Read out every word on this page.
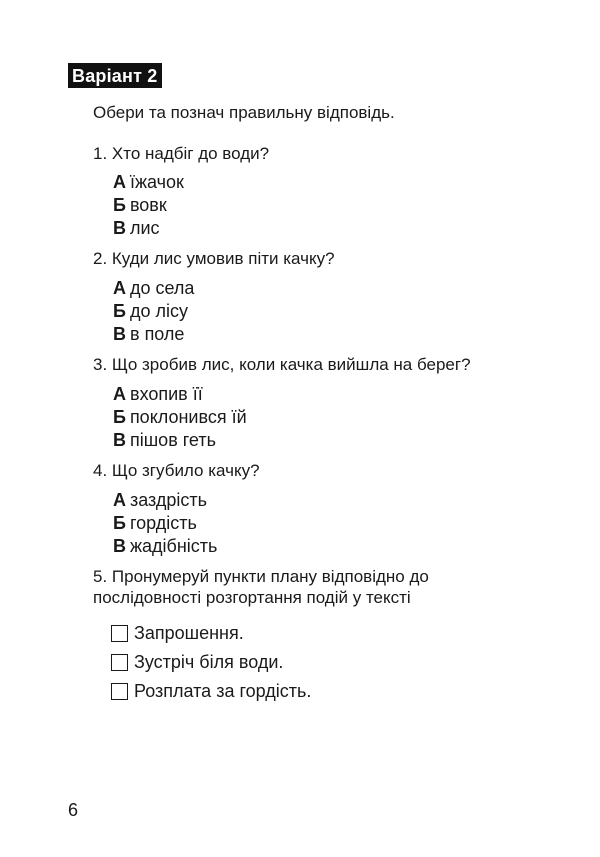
Варіант 2
Обери та познач правильну відповідь.
1. Хто надбіг до води?
А їжачок
Б вовк
В лис
2. Куди лис умовив піти качку?
А до села
Б до лісу
В в поле
3. Що зробив лис, коли качка вийшла на берег?
А вхопив її
Б поклонився їй
В пішов геть
4. Що згубило качку?
А заздрість
Б гордість
В жадібність
5. Пронумеруй пункти плану відповідно до
послідовності розгортання подій у тексті
Запрошення.
Зустріч біля води.
Розплата за гордість.
6
